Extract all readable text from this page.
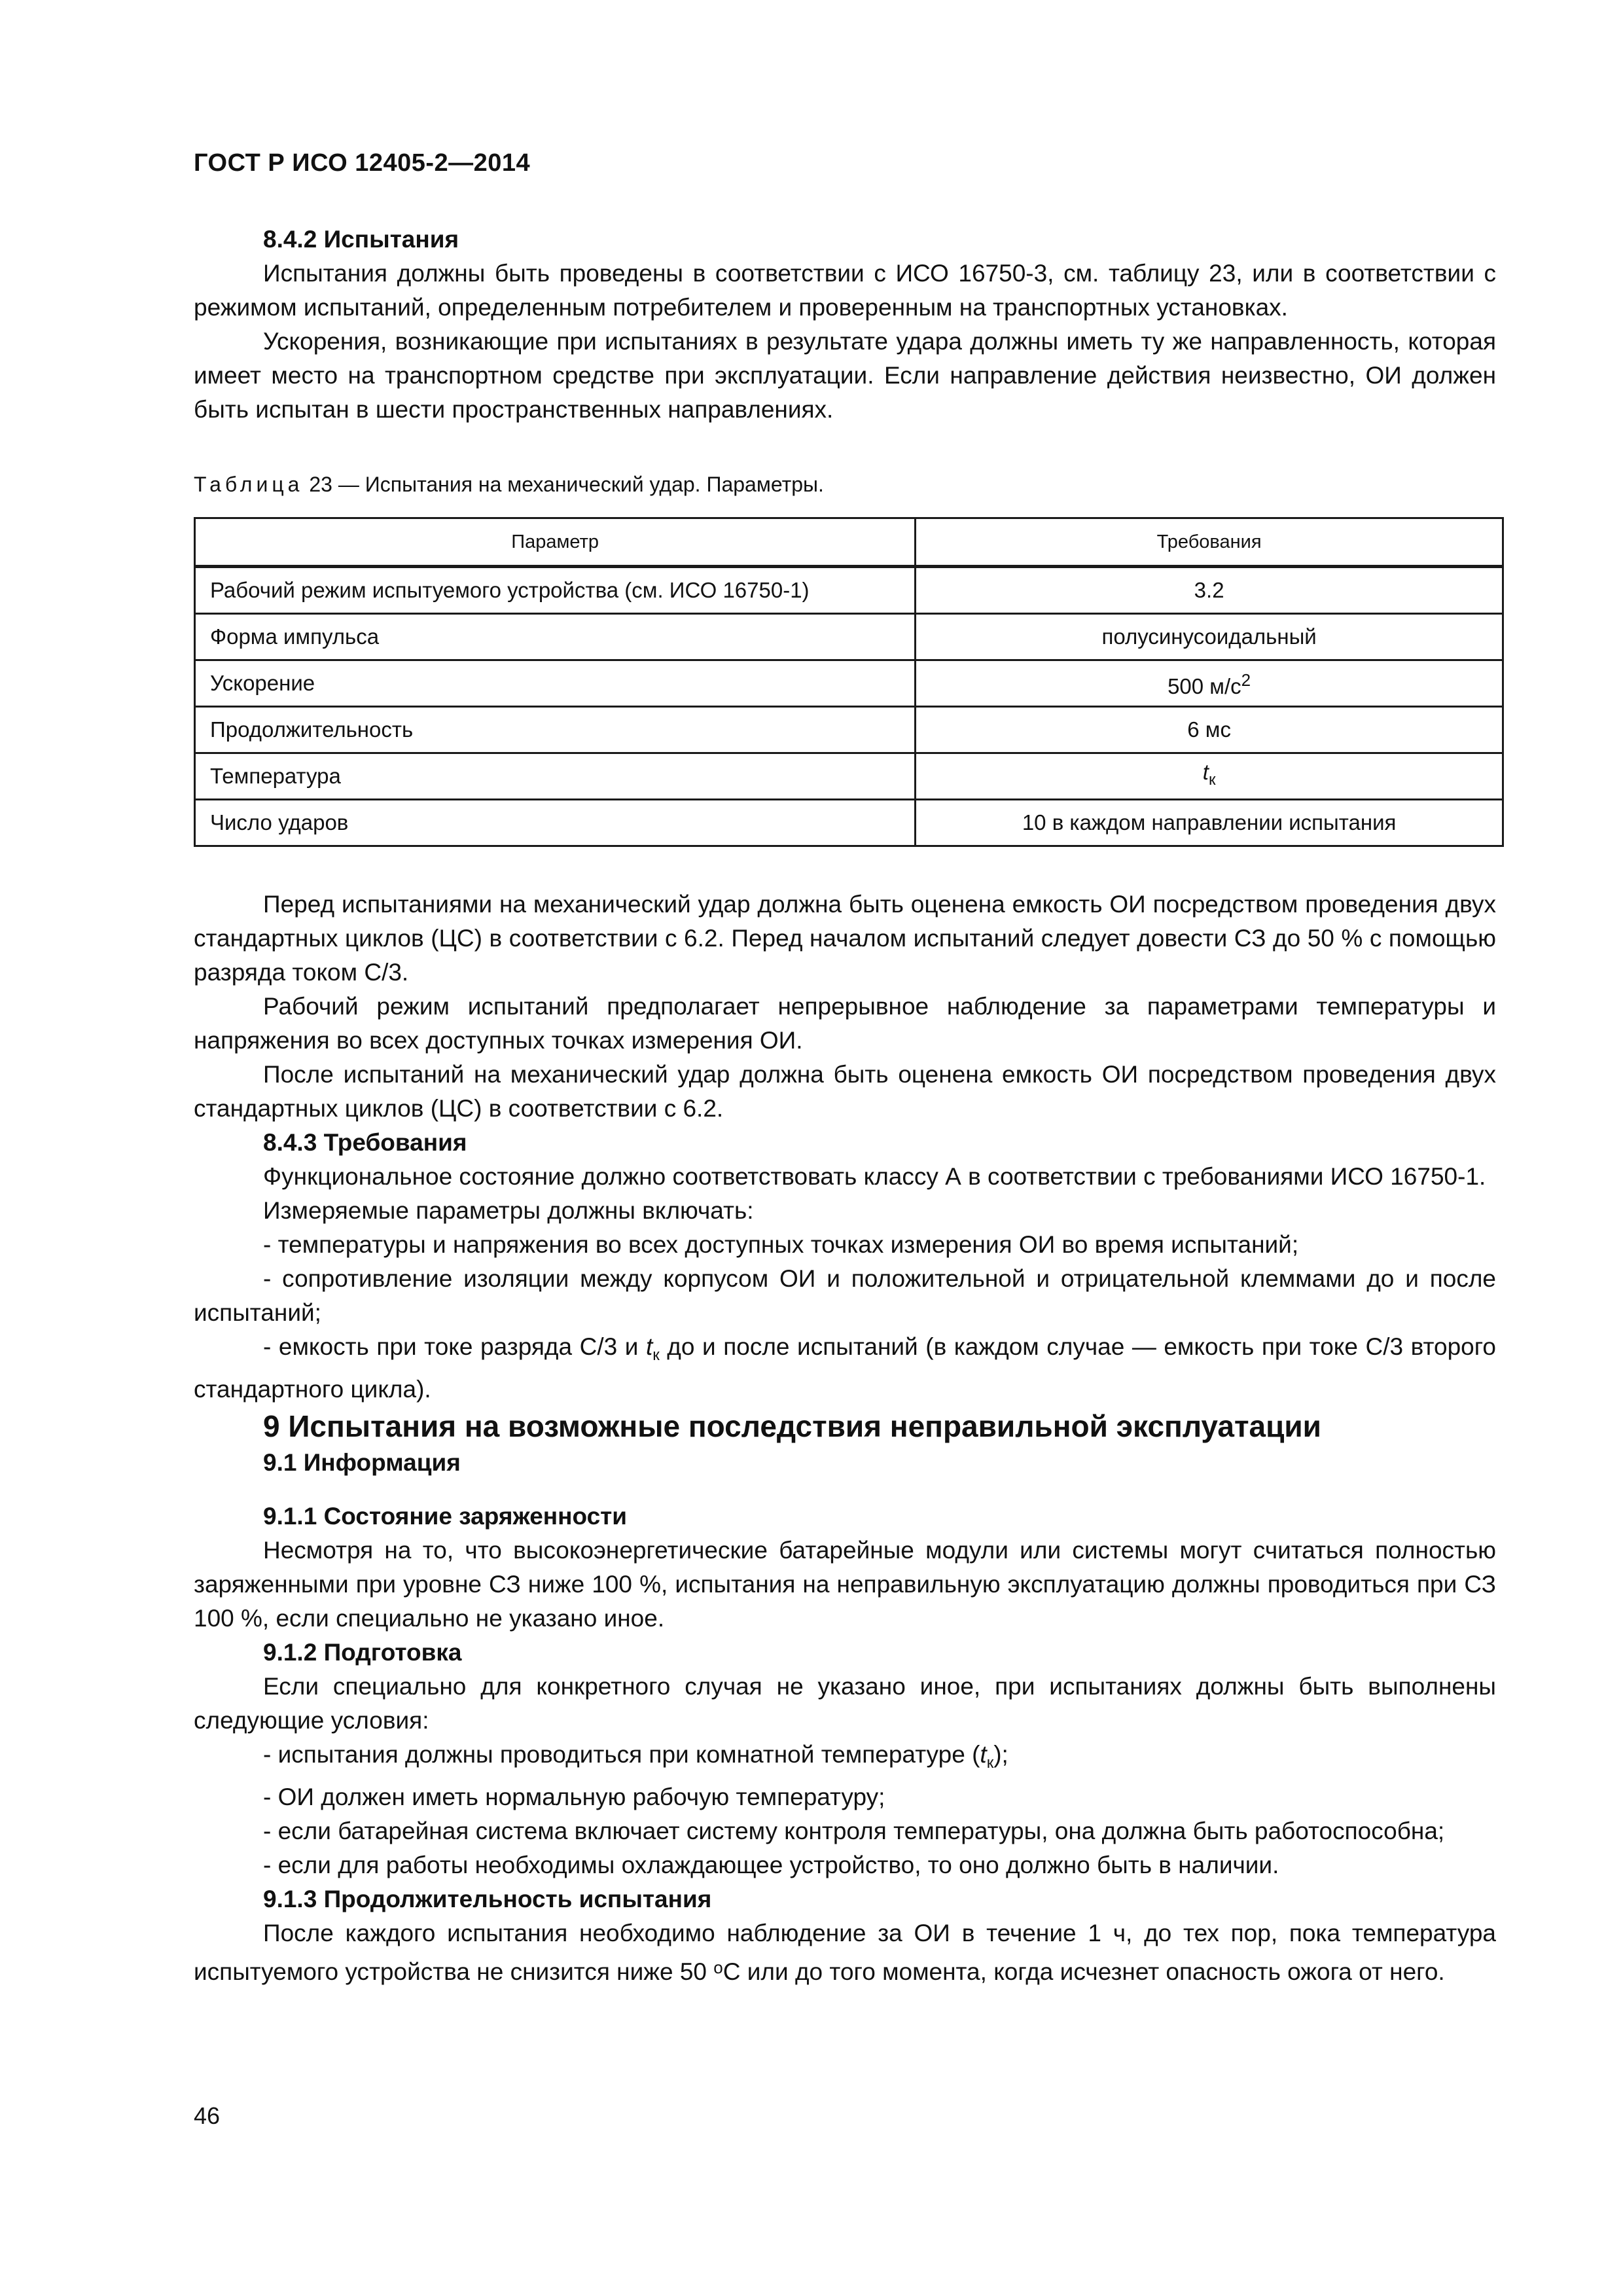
ГОСТ Р ИСО 12405-2—2014

8.4.2 Испытания

Испытания должны быть проведены в соответствии с ИСО 16750-3, см. таблицу 23, или в соответствии с режимом испытаний, определенным потребителем и проверенным на транспортных установках.

Ускорения, возникающие при испытаниях в результате удара должны иметь ту же направленность, которая имеет место на транспортном средстве при эксплуатации. Если направление действия неизвестно, ОИ должен быть испытан в шести пространственных направлениях.

Таблица 23 — Испытания на механический удар. Параметры.
Параметр	Требования
Рабочий режим испытуемого устройства (см. ИСО 16750-1)	3.2
Форма импульса	полусинусоидальный
Ускорение	500 $м/с^2$
Продолжительность	6 мс
Температура	$t_к$
Число ударов	10 в каждом направлении испытания

Перед испытаниями на механический удар должна быть оценена емкость ОИ посредством проведения двух стандартных циклов (ЦС) в соответствии с 6.2. Перед началом испытаний следует довести СЗ до 50 % с помощью разряда током С/3.

Рабочий режим испытаний предполагает непрерывное наблюдение за параметрами температуры и напряжения во всех доступных точках измерения ОИ.

После испытаний на механический удар должна быть оценена емкость ОИ посредством проведения двух стандартных циклов (ЦС) в соответствии с 6.2.

8.4.3 Требования

Функциональное состояние должно соответствовать классу А в соответствии с требованиями ИСО 16750-1.

Измеряемые параметры должны включать:

- температуры и напряжения во всех доступных точках измерения ОИ во время испытаний;

- сопротивление изоляции между корпусом ОИ и положительной и отрицательной клеммами до и после испытаний;

- емкость при токе разряда С/3 и $t_к$ до и после испытаний (в каждом случае — емкость при токе С/3 второго стандартного цикла).

9 Испытания на возможные последствия неправильной эксплуатации

9.1 Информация

9.1.1 Состояние заряженности

Несмотря на то, что высокоэнергетические батарейные модули или системы могут считаться полностью заряженными при уровне СЗ ниже 100 %, испытания на неправильную эксплуатацию должны проводиться при СЗ 100 %, если специально не указано иное.

9.1.2 Подготовка

Если специально для конкретного случая не указано иное, при испытаниях должны быть выполнены следующие условия:

- испытания должны проводиться при комнатной температуре $(t_к)$;

- ОИ должен иметь нормальную рабочую температуру;

- если батарейная система включает систему контроля температуры, она должна быть работоспособна;

- если для работы необходимы охлаждающее устройство, то оно должно быть в наличии.

9.1.3 Продолжительность испытания

После каждого испытания необходимо наблюдение за ОИ в течение 1 ч, до тех пор, пока температура испытуемого устройства не снизится ниже 50 $^о$С или до того момента, когда исчезнет опасность ожога от него.

46
